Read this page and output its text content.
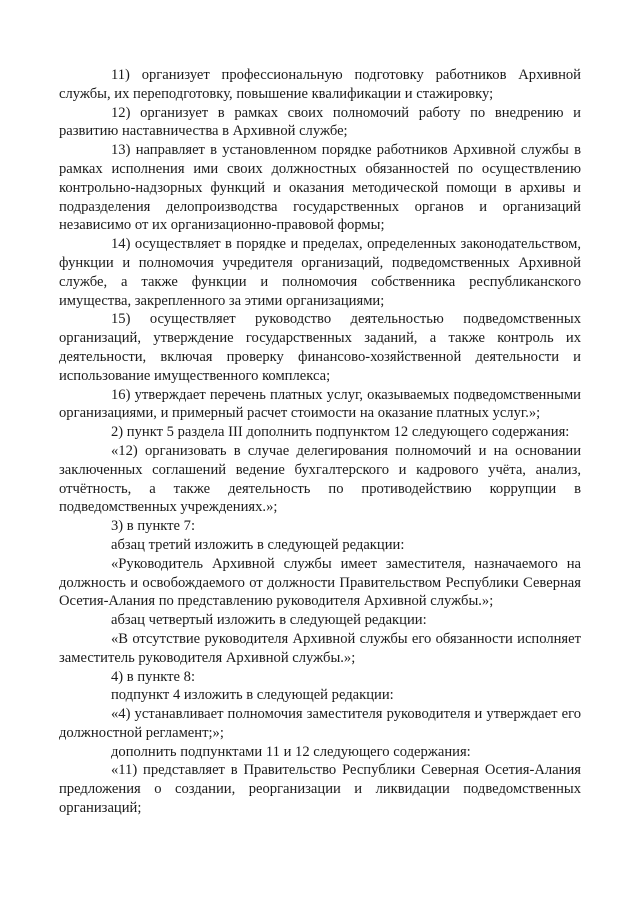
11) организует профессиональную подготовку работников Архивной службы, их переподготовку, повышение квалификации и стажировку;

12) организует в рамках своих полномочий работу по внедрению и развитию наставничества в Архивной службе;

13) направляет в установленном порядке работников Архивной службы в рамках исполнения ими своих должностных обязанностей по осуществлению контрольно-надзорных функций и оказания методической помощи в архивы и подразделения делопроизводства государственных органов и организаций независимо от их организационно-правовой формы;

14) осуществляет в порядке и пределах, определенных законодательством, функции и полномочия учредителя организаций, подведомственных Архивной службе, а также функции и полномочия собственника республиканского имущества, закрепленного за этими организациями;

15) осуществляет руководство деятельностью подведомственных организаций, утверждение государственных заданий, а также контроль их деятельности, включая проверку финансово-хозяйственной деятельности и использование имущественного комплекса;

16) утверждает перечень платных услуг, оказываемых подведомственными организациями, и примерный расчет стоимости на оказание платных услуг.»;

2) пункт 5 раздела III дополнить подпунктом 12 следующего содержания:

«12) организовать в случае делегирования полномочий и на основании заключенных соглашений ведение бухгалтерского и кадрового учёта, анализ, отчётность, а также деятельность по противодействию коррупции в подведомственных учреждениях.»;

3) в пункте 7:

абзац третий изложить в следующей редакции:

«Руководитель Архивной службы имеет заместителя, назначаемого на должность и освобождаемого от должности Правительством Республики Северная Осетия-Алания по представлению руководителя Архивной службы.»;

абзац четвертый изложить в следующей редакции:

«В отсутствие руководителя Архивной службы его обязанности исполняет заместитель руководителя Архивной службы.»;

4) в пункте 8:

подпункт 4 изложить в следующей редакции:

«4) устанавливает полномочия заместителя руководителя и утверждает его должностной регламент;»;

дополнить подпунктами 11 и 12 следующего содержания:

«11) представляет в Правительство Республики Северная Осетия-Алания предложения о создании, реорганизации и ликвидации подведомственных организаций;
